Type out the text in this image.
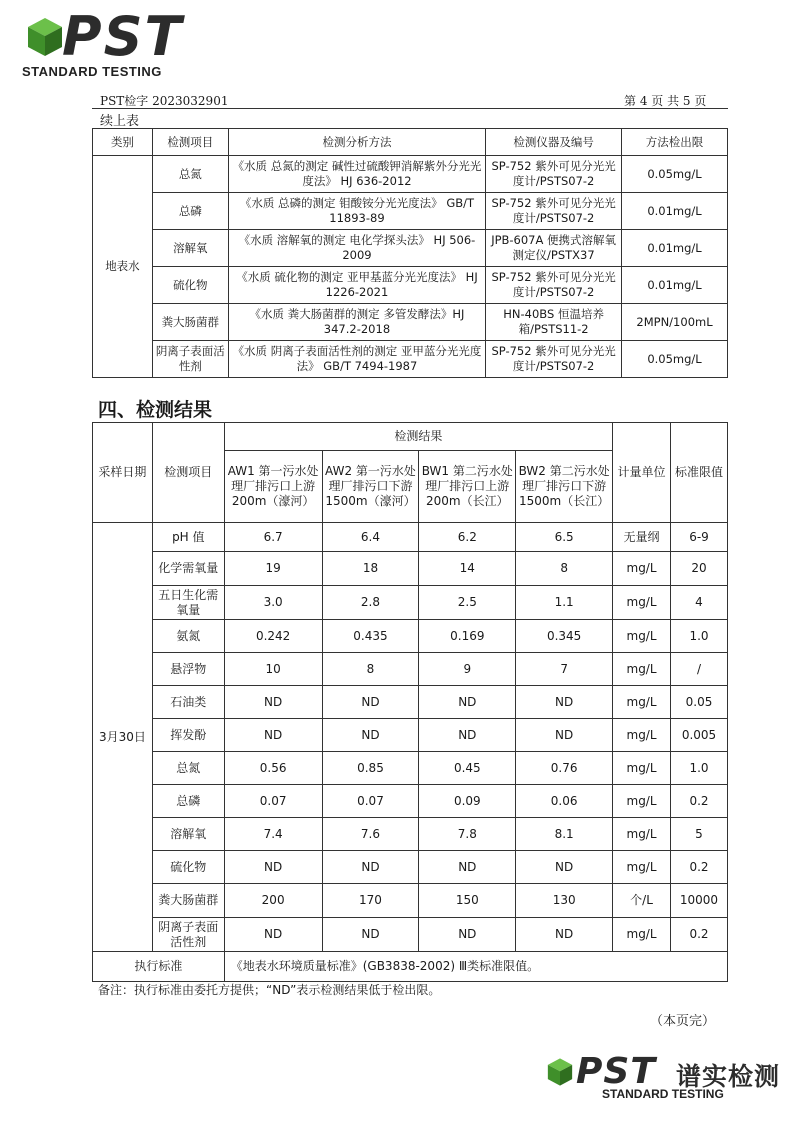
PST
STANDARD TESTING
PST检字 2023032901	第 4 页 共 5 页
续上表
类别	检测项目	检测分析方法	检测仪器及编号	方法检出限
地表水	总氮	《水质 总氮的测定 碱性过硫酸钾消解紫外分光光度法》 HJ 636-2012	SP-752 紫外可见分光光度计/PSTS07-2	0.05mg/L
	总磷	《水质 总磷的测定 钼酸铵分光光度法》 GB/T 11893-89	SP-752 紫外可见分光光度计/PSTS07-2	0.01mg/L
	溶解氧	《水质 溶解氧的测定 电化学探头法》 HJ 506-2009	JPB-607A 便携式溶解氧测定仪/PSTX37	0.01mg/L
	硫化物	《水质 硫化物的测定 亚甲基蓝分光光度法》 HJ 1226-2021	SP-752 紫外可见分光光度计/PSTS07-2	0.01mg/L
	粪大肠菌群	《水质 粪大肠菌群的测定 多管发酵法》HJ 347.2-2018	HN-40BS 恒温培养箱/PSTS11-2	2MPN/100mL
	阴离子表面活性剂	《水质 阴离子表面活性剂的测定 亚甲蓝分光光度法》 GB/T 7494-1987	SP-752 紫外可见分光光度计/PSTS07-2	0.05mg/L
四、检测结果
采样日期	检测项目	检测结果				计量单位	标准限值
		AW1 第一污水处理厂排污口上游 200m（濠河）	AW2 第一污水处理厂排污口下游 1500m（濠河）	BW1 第二污水处理厂排污口上游 200m（长江）	BW2 第二污水处理厂排污口下游 1500m（长江）		
3月30日	pH 值	6.7	6.4	6.2	6.5	无量纲	6-9
	化学需氧量	19	18	14	8	mg/L	20
	五日生化需氧量	3.0	2.8	2.5	1.1	mg/L	4
	氨氮	0.242	0.435	0.169	0.345	mg/L	1.0
	悬浮物	10	8	9	7	mg/L	/
	石油类	ND	ND	ND	ND	mg/L	0.05
	挥发酚	ND	ND	ND	ND	mg/L	0.005
	总氮	0.56	0.85	0.45	0.76	mg/L	1.0
	总磷	0.07	0.07	0.09	0.06	mg/L	0.2
	溶解氧	7.4	7.6	7.8	8.1	mg/L	5
	硫化物	ND	ND	ND	ND	mg/L	0.2
	粪大肠菌群	200	170	150	130	个/L	10000
	阴离子表面活性剂	ND	ND	ND	ND	mg/L	0.2
执行标准		《地表水环境质量标准》(GB3838-2002) Ⅲ类标准限值。					
备注：执行标准由委托方提供；“ND”表示检测结果低于检出限。
（本页完）
PST 谱实检测
STANDARD TESTING
